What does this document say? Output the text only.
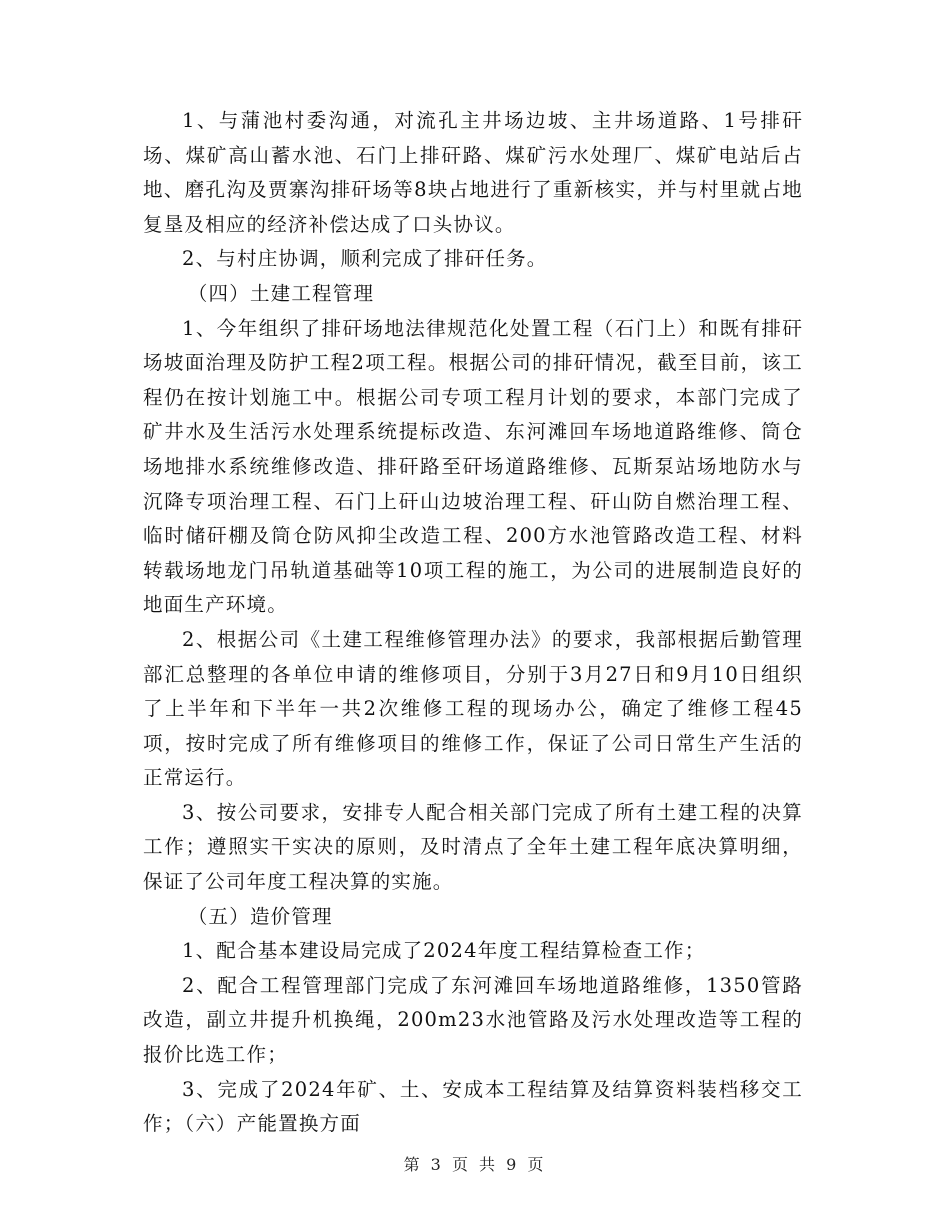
1、与蒲池村委沟通，对流孔主井场边坡、主井场道路、1号排矸场、煤矿高山蓄水池、石门上排矸路、煤矿污水处理厂、煤矿电站后占地、磨孔沟及贾寨沟排矸场等8块占地进行了重新核实，并与村里就占地复垦及相应的经济补偿达成了口头协议。

2、与村庄协调，顺利完成了排矸任务。

（四）土建工程管理

1、今年组织了排矸场地法律规范化处置工程（石门上）和既有排矸场坡面治理及防护工程2项工程。根据公司的排矸情况，截至目前，该工程仍在按计划施工中。根据公司专项工程月计划的要求，本部门完成了矿井水及生活污水处理系统提标改造、东河滩回车场地道路维修、筒仓场地排水系统维修改造、排矸路至矸场道路维修、瓦斯泵站场地防水与沉降专项治理工程、石门上矸山边坡治理工程、矸山防自燃治理工程、临时储矸棚及筒仓防风抑尘改造工程、200方水池管路改造工程、材料转载场地龙门吊轨道基础等10项工程的施工，为公司的进展制造良好的地面生产环境。

2、根据公司《土建工程维修管理办法》的要求，我部根据后勤管理部汇总整理的各单位申请的维修项目，分别于3月27日和9月10日组织了上半年和下半年一共2次维修工程的现场办公，确定了维修工程45项，按时完成了所有维修项目的维修工作，保证了公司日常生产生活的正常运行。

3、按公司要求，安排专人配合相关部门完成了所有土建工程的决算工作；遵照实干实决的原则，及时清点了全年土建工程年底决算明细，保证了公司年度工程决算的实施。

（五）造价管理

1、配合基本建设局完成了2024年度工程结算检查工作；

2、配合工程管理部门完成了东河滩回车场地道路维修，1350管路改造，副立井提升机换绳，200m23水池管路及污水处理改造等工程的报价比选工作；

3、完成了2024年矿、土、安成本工程结算及结算资料装档移交工作；（六）产能置换方面

第 3 页 共 9 页
